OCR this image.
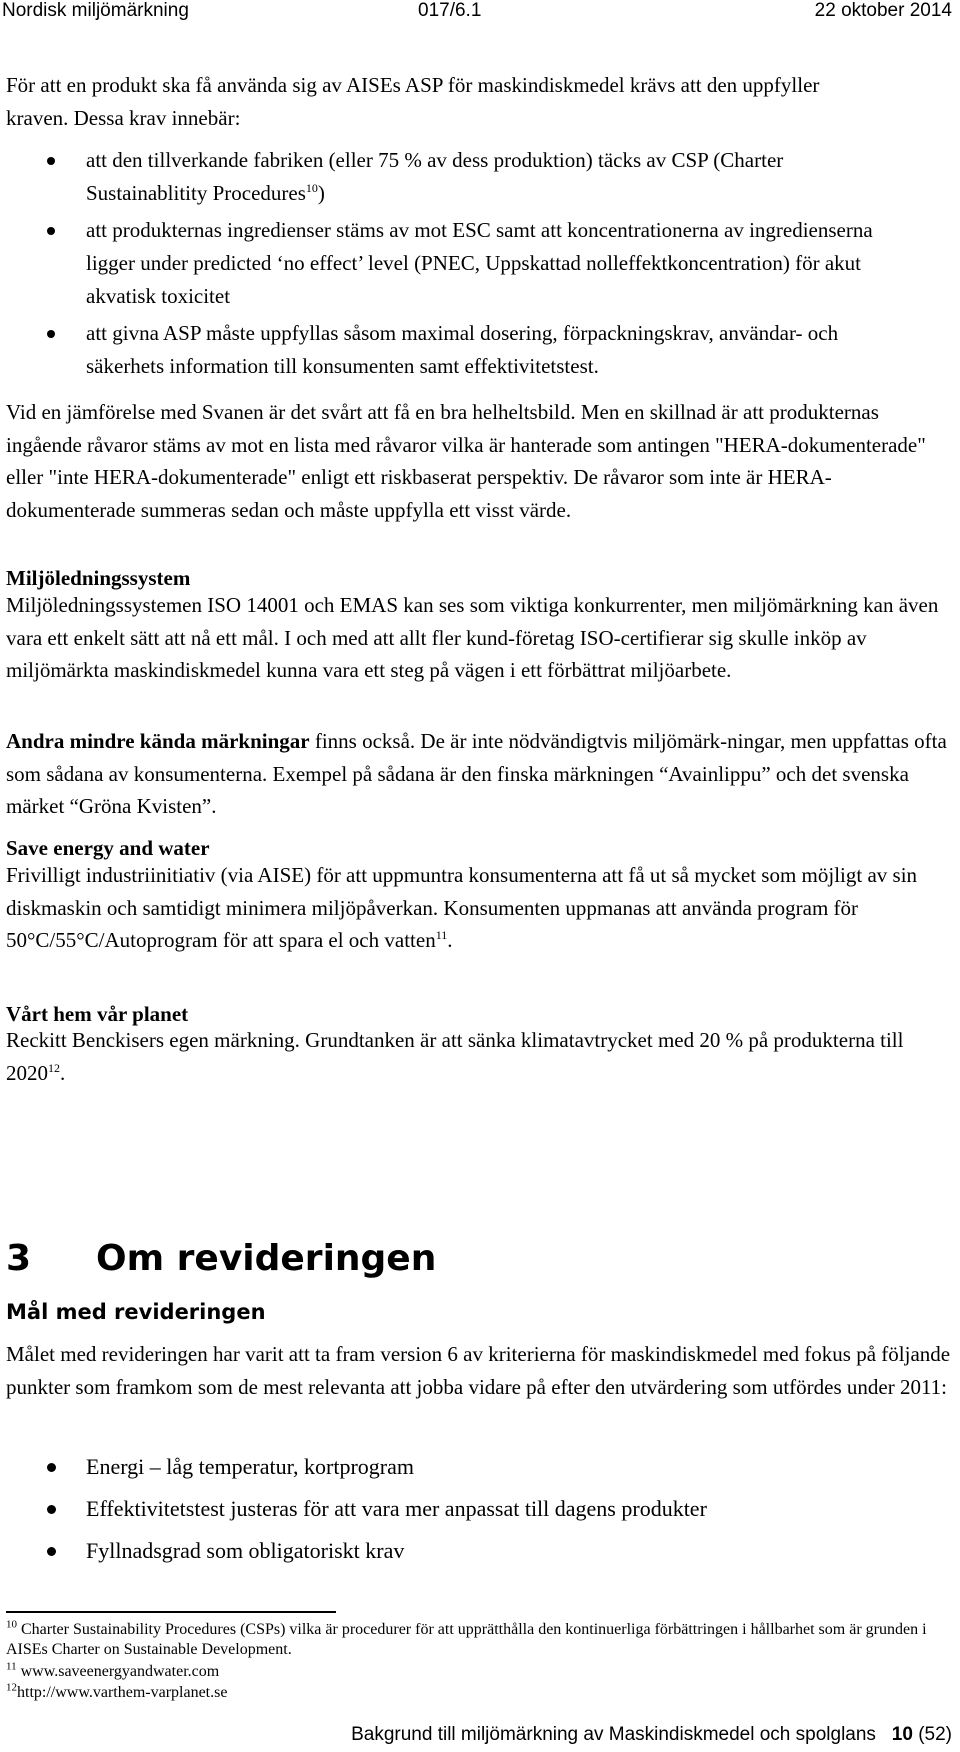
Nordisk miljömärkning	017/6.1	22 oktober 2014

För att en produkt ska få använda sig av AISEs ASP för maskindiskmedel krävs att den uppfyller kraven. Dessa krav innebär:

att den tillverkande fabriken (eller 75 % av dess produktion) täcks av CSP (Charter Sustainablitity Procedures$^{10}$)
att produkternas ingredienser stäms av mot ESC samt att koncentrationerna av ingredienserna ligger under predicted ‘no effect’ level (PNEC, Uppskattad nolleffektkoncentration) för akut akvatisk toxicitet
att givna ASP måste uppfyllas såsom maximal dosering, förpackningskrav, användar- och säkerhets information till konsumenten samt effektivitetstest.

Vid en jämförelse med Svanen är det svårt att få en bra helheltsbild. Men en skillnad är att produkternas ingående råvaror stäms av mot en lista med råvaror vilka är hanterade som antingen "HERA-dokumenterade" eller "inte HERA-dokumenterade" enligt ett riskbaserat perspektiv. De råvaror som inte är HERA-dokumenterade summeras sedan och måste uppfylla ett visst värde.

Miljöledningssystem

Miljöledningssystemen ISO 14001 och EMAS kan ses som viktiga konkurrenter, men miljömärkning kan även vara ett enkelt sätt att nå ett mål. I och med att allt fler kund-företag ISO-certifierar sig skulle inköp av miljömärkta maskindiskmedel kunna vara ett steg på vägen i ett förbättrat miljöarbete.

Andra mindre kända märkningar finns också. De är inte nödvändigtvis miljömärk-ningar, men uppfattas ofta som sådana av konsumenterna. Exempel på sådana är den finska märkningen “Avainlippu” och det svenska märket “Gröna Kvisten”.

Save energy and water

Frivilligt industriinitiativ (via AISE) för att uppmuntra konsumenterna att få ut så mycket som möjligt av sin diskmaskin och samtidigt minimera miljöpåverkan. Konsumenten uppmanas att använda program för 50°C/55°C/Autoprogram för att spara el och vatten$^{11}$.

Vårt hem vår planet

Reckitt Benckisers egen märkning. Grundtanken är att sänka klimatavtrycket med 20 % på produkterna till 2020$^{12}$.

3 Om revideringen
Mål med revideringen

Målet med revideringen har varit att ta fram version 6 av kriterierna för maskindiskmedel med fokus på följande punkter som framkom som de mest relevanta att jobba vidare på efter den utvärdering som utfördes under 2011:

Energi – låg temperatur, kortprogram
Effektivitetstest justeras för att vara mer anpassat till dagens produkter
Fyllnadsgrad som obligatoriskt krav

$^{10}$ Charter Sustainability Procedures (CSPs) vilka är procedurer för att upprätthålla den kontinuerliga förbättringen i hållbarhet som är grunden i AISEs Charter on Sustainable Development.

$^{11}$ www.saveenergyandwater.com

$^{12}$http://www.varthem-varplanet.se

Bakgrund till miljömärkning av Maskindiskmedel och spolglans 10 (52)
